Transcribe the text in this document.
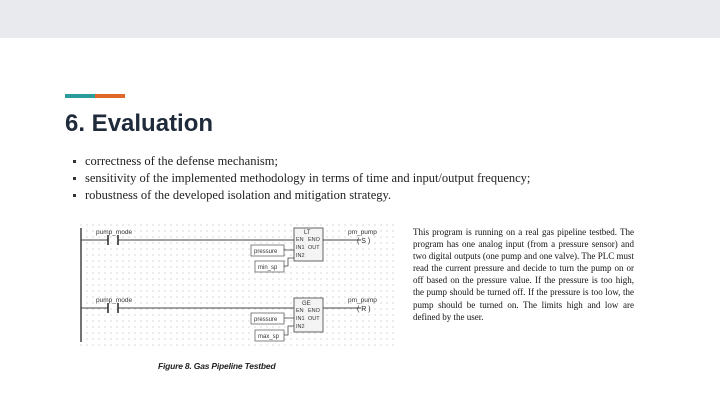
6. Evaluation
correctness of the defense mechanism;
sensitivity of the implemented methodology in terms of time and input/output frequency;
robustness of the developed isolation and mitigation strategy.
pump_mode	LT
EN ENO
IN1 OUT
IN2
pressure
min_sp
pm_pump
( S )
pump_mode	GE
EN ENO
IN1 OUT
IN2
pressure
max_sp
pm_pump
( R )

This program is running on a real gas pipeline testbed. The program has one analog input (from a pressure sensor) and two digital outputs (one pump and one valve). The PLC must read the current pressure and decide to turn the pump on or off based on the pressure value. If the pressure is too high, the pump should be turned off. If the pressure is too low, the pump should be turned on. The limits high and low are defined by the user.

Figure 8. Gas Pipeline Testbed
